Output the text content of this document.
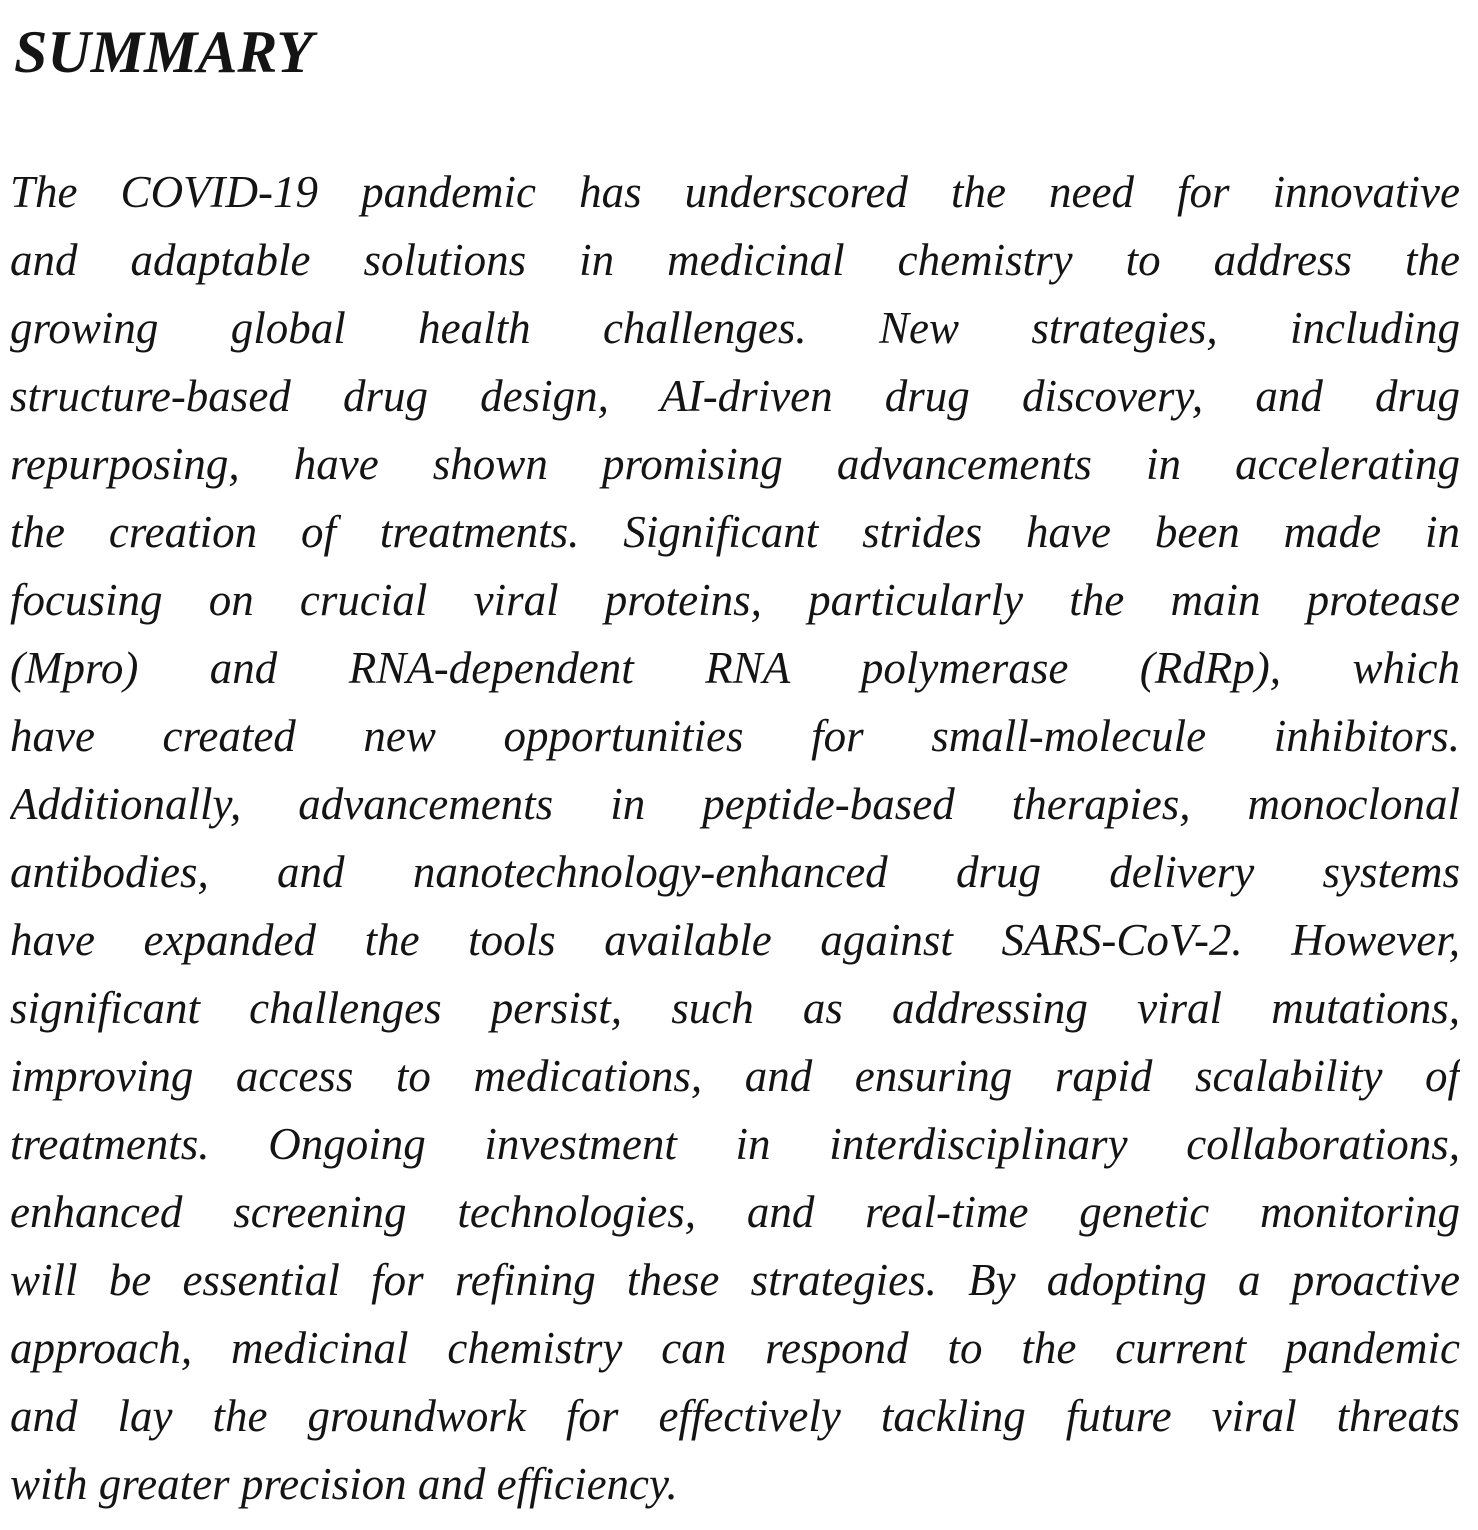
SUMMARY
The COVID-19 pandemic has underscored the need for innovative
and adaptable solutions in medicinal chemistry to address the
growing global health challenges. New strategies, including
structure-based drug design, AI-driven drug discovery, and drug
repurposing, have shown promising advancements in accelerating
the creation of treatments. Significant strides have been made in
focusing on crucial viral proteins, particularly the main protease
(Mpro) and RNA-dependent RNA polymerase (RdRp), which
have created new opportunities for small-molecule inhibitors.
Additionally, advancements in peptide-based therapies, monoclonal
antibodies, and nanotechnology-enhanced drug delivery systems
have expanded the tools available against SARS-CoV-2. However,
significant challenges persist, such as addressing viral mutations,
improving access to medications, and ensuring rapid scalability of
treatments. Ongoing investment in interdisciplinary collaborations,
enhanced screening technologies, and real-time genetic monitoring
will be essential for refining these strategies. By adopting a proactive
approach, medicinal chemistry can respond to the current pandemic
and lay the groundwork for effectively tackling future viral threats
with greater precision and efficiency.
